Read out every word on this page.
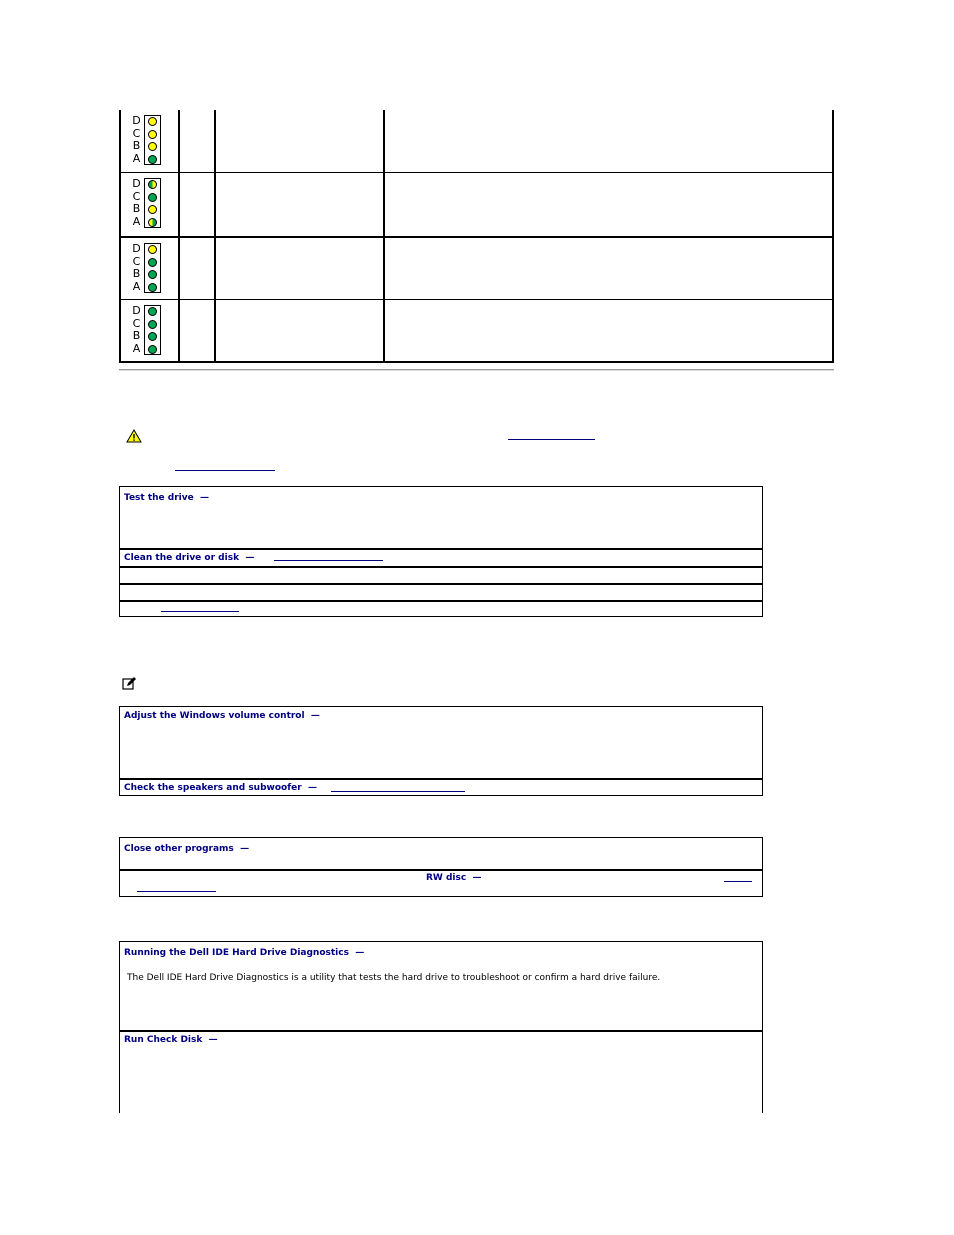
D
C
B
A
D
C
B
A
D
C
B
A
D
C
B
A
Test the drive —
Clean the drive or disk —
Adjust the Windows volume control —
Check the speakers and subwoofer —
Close other programs —
RW disc —
Running the Dell IDE Hard Drive Diagnostics —
The Dell IDE Hard Drive Diagnostics is a utility that tests the hard drive to troubleshoot or confirm a hard drive failure.
Run Check Disk —
